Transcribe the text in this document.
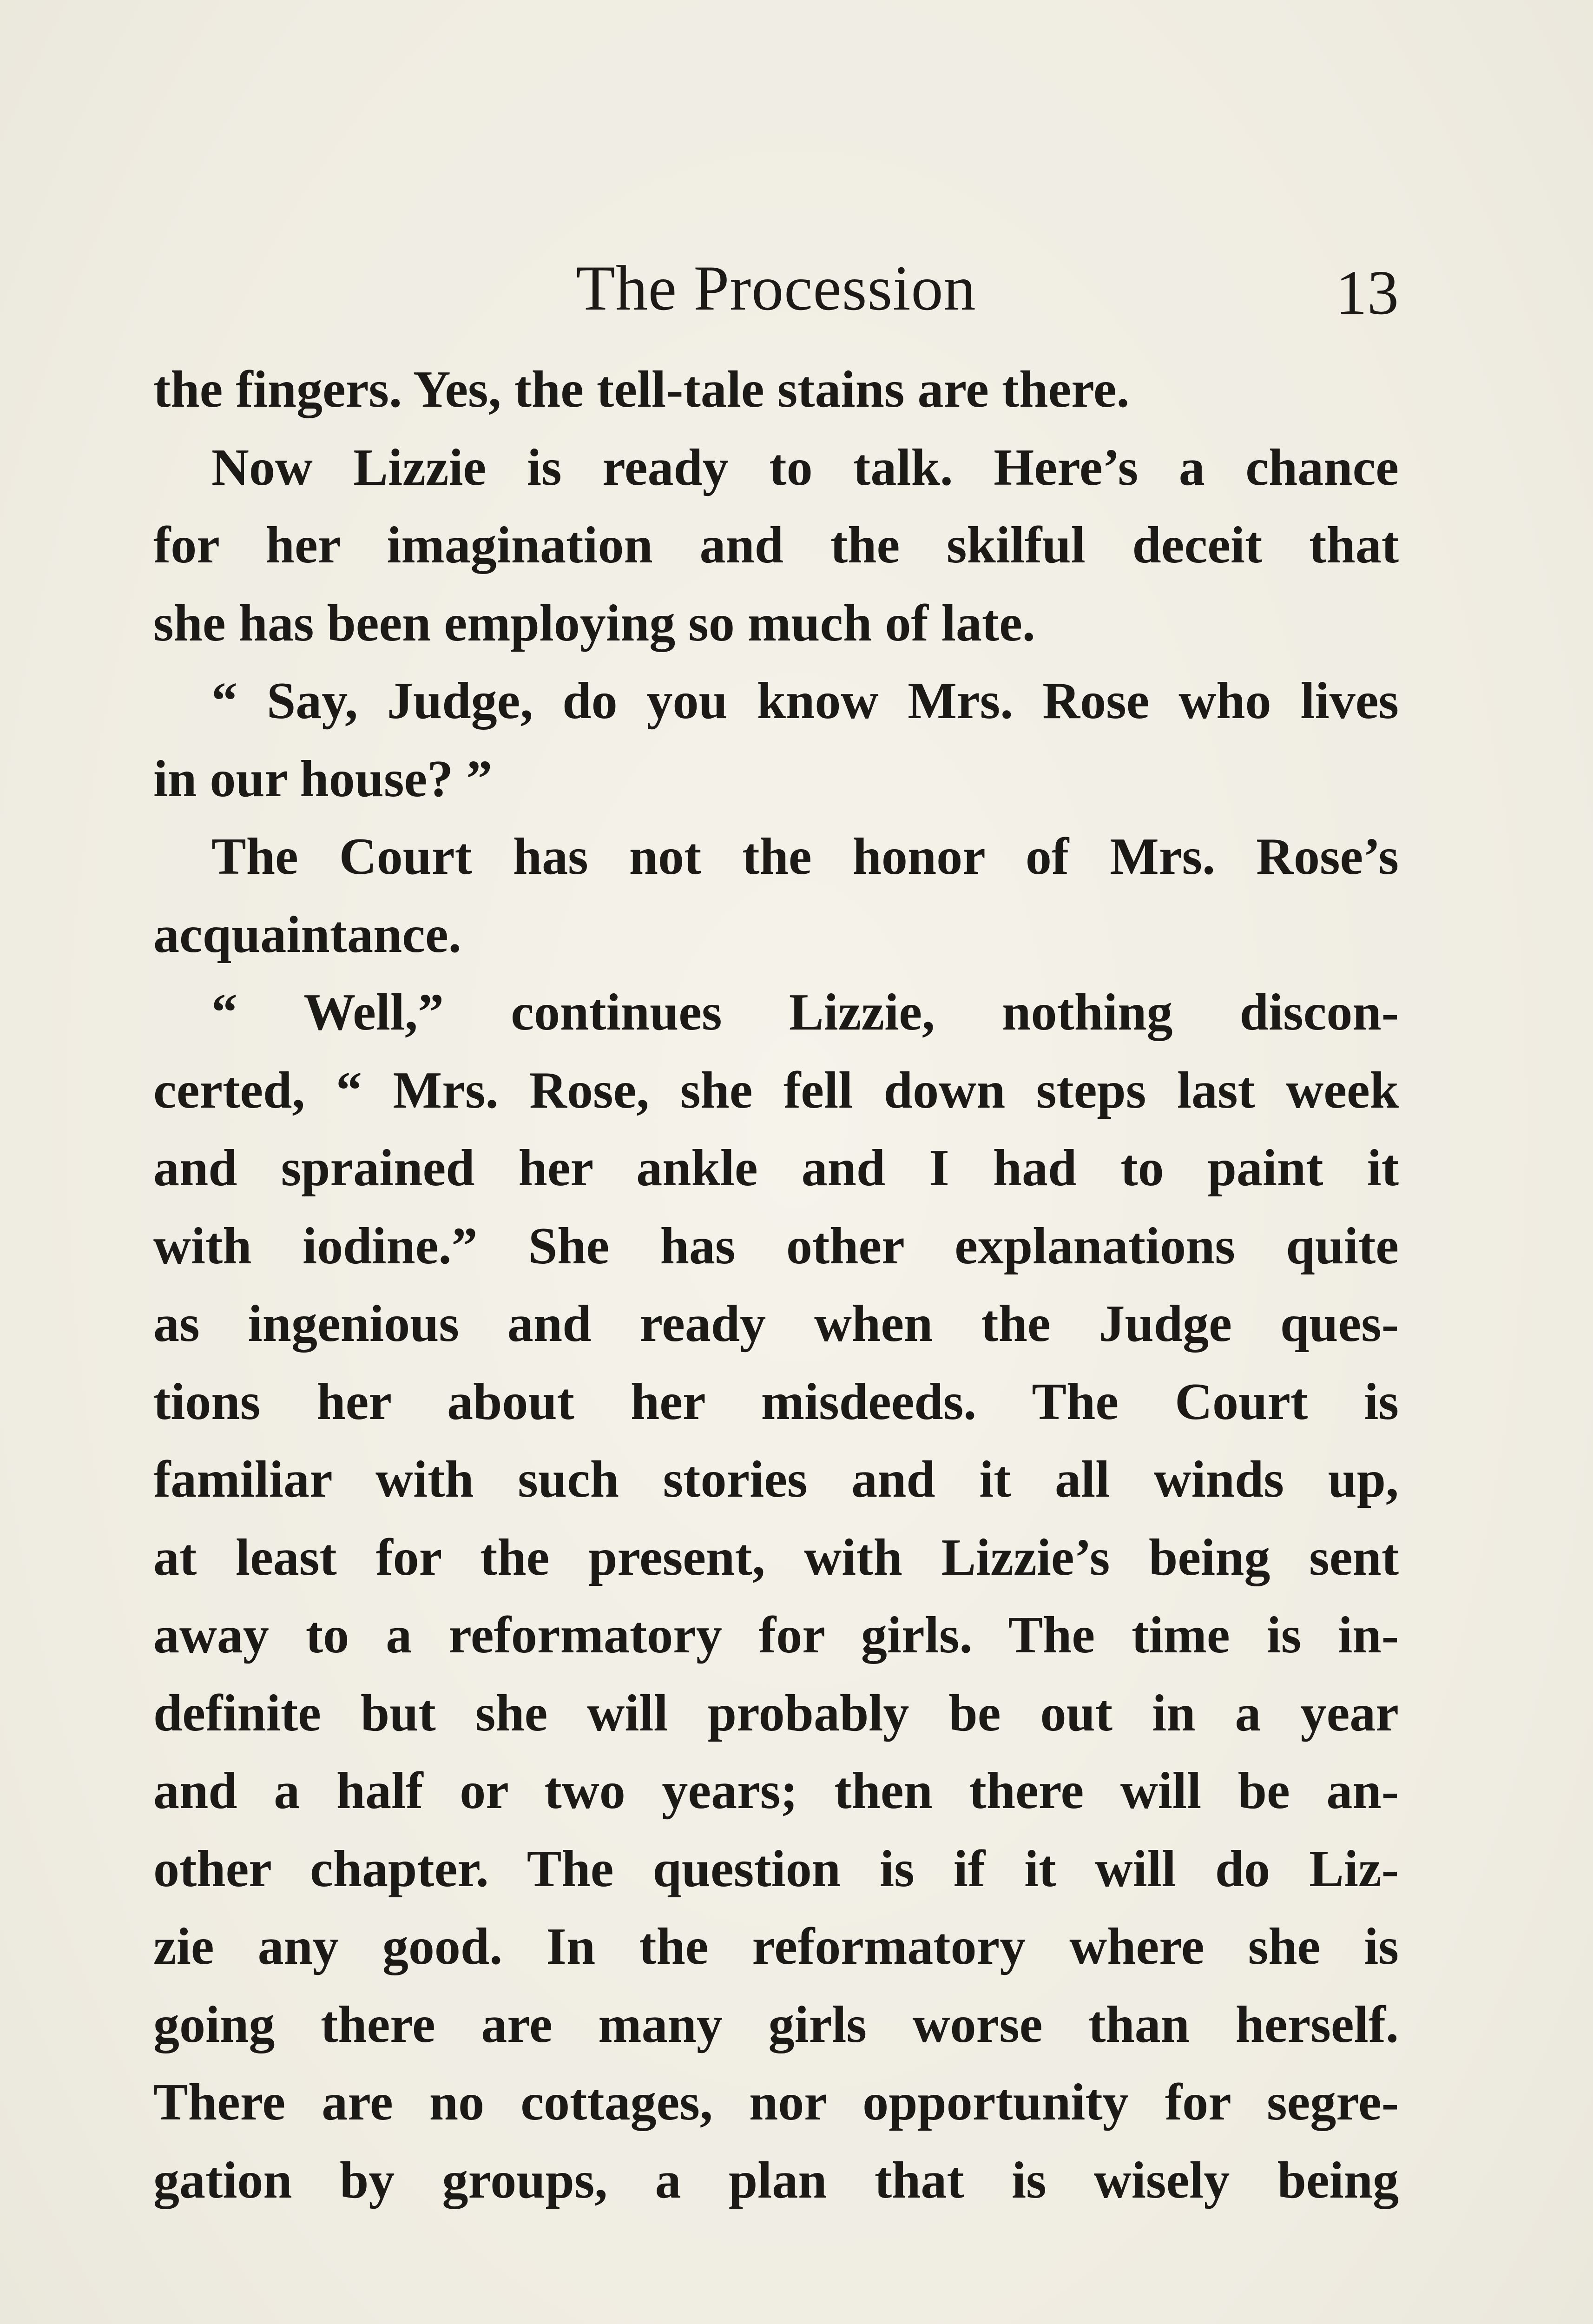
The Procession	13
the fingers. Yes, the tell-tale stains are there.
Now Lizzie is ready to talk. Here’s a chance
for her imagination and the skilful deceit that
she has been employing so much of late.
“ Say, Judge, do you know Mrs. Rose who lives
in our house? ”
The Court has not the honor of Mrs. Rose’s
acquaintance.
“ Well,” continues Lizzie, nothing discon-
certed, “ Mrs. Rose, she fell down steps last week
and sprained her ankle and I had to paint it
with iodine.” She has other explanations quite
as ingenious and ready when the Judge ques-
tions her about her misdeeds. The Court is
familiar with such stories and it all winds up,
at least for the present, with Lizzie’s being sent
away to a reformatory for girls. The time is in-
definite but she will probably be out in a year
and a half or two years; then there will be an-
other chapter. The question is if it will do Liz-
zie any good. In the reformatory where she is
going there are many girls worse than herself.
There are no cottages, nor opportunity for segre-
gation by groups, a plan that is wisely being
